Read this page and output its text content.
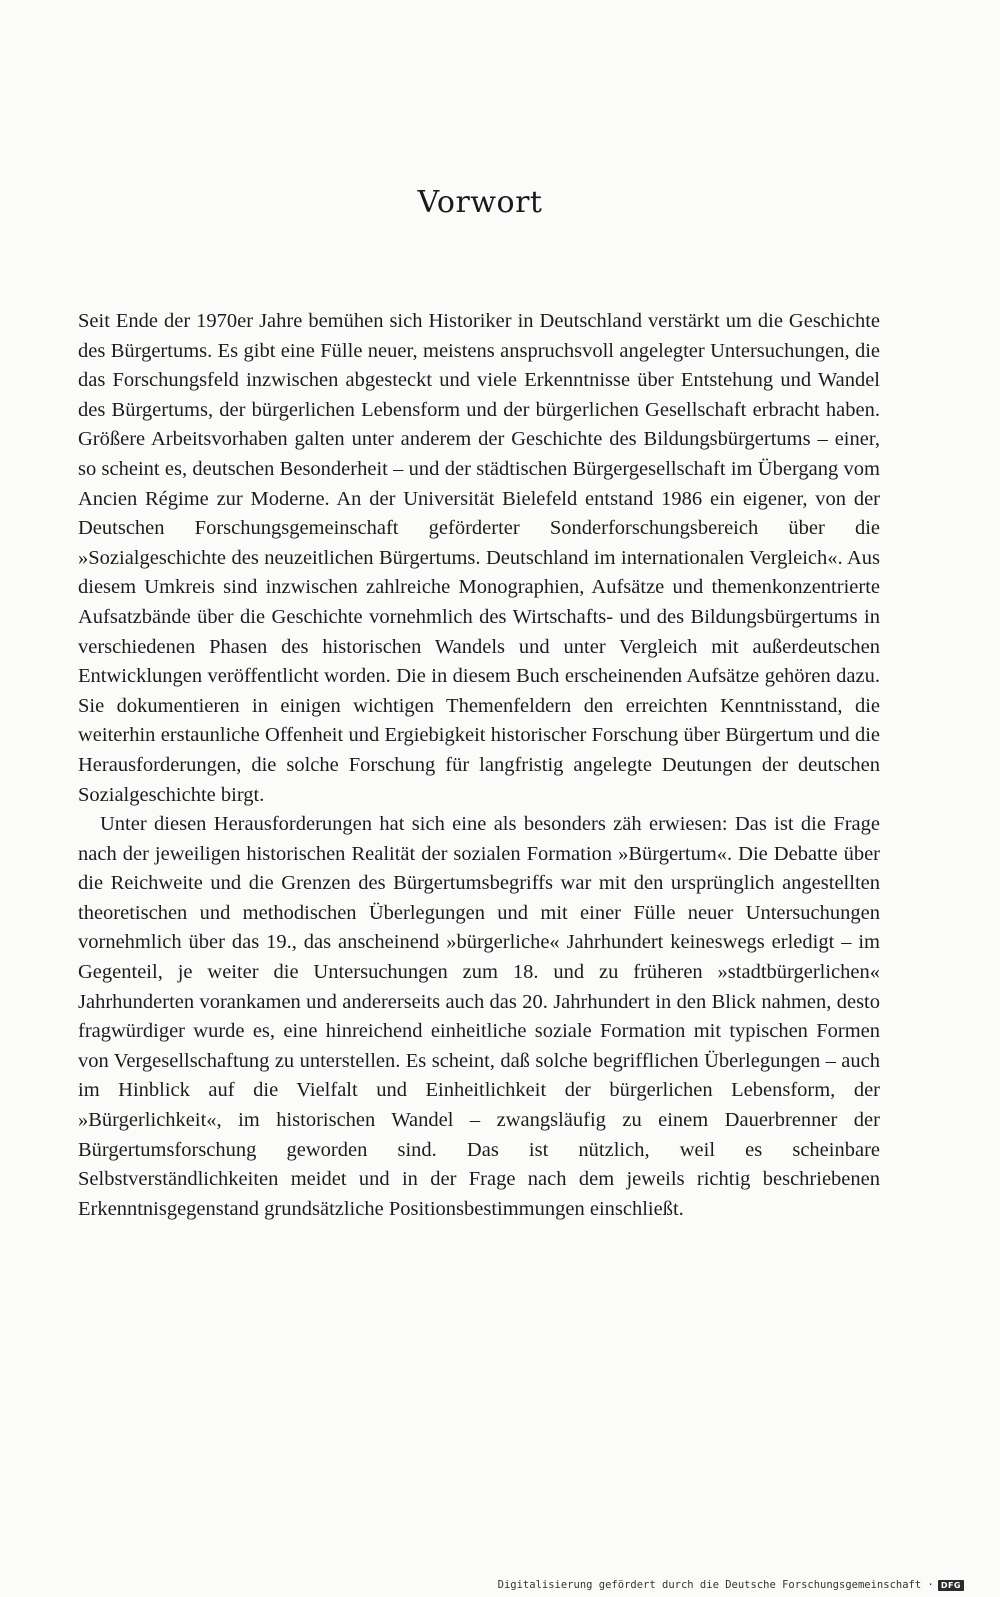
Vorwort

Seit Ende der 1970er Jahre bemühen sich Historiker in Deutschland verstärkt um die Geschichte des Bürgertums. Es gibt eine Fülle neuer, meistens anspruchsvoll angelegter Untersuchungen, die das Forschungsfeld inzwischen abgesteckt und viele Erkenntnisse über Entstehung und Wandel des Bürgertums, der bürgerlichen Lebensform und der bürgerlichen Gesellschaft erbracht haben. Größere Arbeitsvorhaben galten unter anderem der Geschichte des Bildungsbürgertums – einer, so scheint es, deutschen Besonderheit – und der städtischen Bürgergesellschaft im Übergang vom Ancien Régime zur Moderne. An der Universität Bielefeld entstand 1986 ein eigener, von der Deutschen Forschungsgemeinschaft geförderter Sonderforschungsbereich über die »Sozialgeschichte des neuzeitlichen Bürgertums. Deutschland im internationalen Vergleich«. Aus diesem Umkreis sind inzwischen zahlreiche Monographien, Aufsätze und themenkonzentrierte Aufsatzbände über die Geschichte vornehmlich des Wirtschafts- und des Bildungsbürgertums in verschiedenen Phasen des historischen Wandels und unter Vergleich mit außerdeutschen Entwicklungen veröffentlicht worden. Die in diesem Buch erscheinenden Aufsätze gehören dazu. Sie dokumentieren in einigen wichtigen Themenfeldern den erreichten Kenntnisstand, die weiterhin erstaunliche Offenheit und Ergiebigkeit historischer Forschung über Bürgertum und die Herausforderungen, die solche Forschung für langfristig angelegte Deutungen der deutschen Sozialgeschichte birgt.

Unter diesen Herausforderungen hat sich eine als besonders zäh erwiesen: Das ist die Frage nach der jeweiligen historischen Realität der sozialen Formation »Bürgertum«. Die Debatte über die Reichweite und die Grenzen des Bürgertumsbegriffs war mit den ursprünglich angestellten theoretischen und methodischen Überlegungen und mit einer Fülle neuer Untersuchungen vornehmlich über das 19., das anscheinend »bürgerliche« Jahrhundert keineswegs erledigt – im Gegenteil, je weiter die Untersuchungen zum 18. und zu früheren »stadtbürgerlichen« Jahrhunderten vorankamen und andererseits auch das 20. Jahrhundert in den Blick nahmen, desto fragwürdiger wurde es, eine hinreichend einheitliche soziale Formation mit typischen Formen von Vergesellschaftung zu unterstellen. Es scheint, daß solche begrifflichen Überlegungen – auch im Hinblick auf die Vielfalt und Einheitlichkeit der bürgerlichen Lebensform, der »Bürgerlichkeit«, im historischen Wandel – zwangsläufig zu einem Dauerbrenner der Bürgertumsforschung geworden sind. Das ist nützlich, weil es scheinbare Selbstverständlichkeiten meidet und in der Frage nach dem jeweils richtig beschriebenen Erkenntnisgegenstand grundsätzliche Positionsbestimmungen einschließt.

Digitalisierung gefördert durch die Deutsche Forschungsgemeinschaft · DFG
